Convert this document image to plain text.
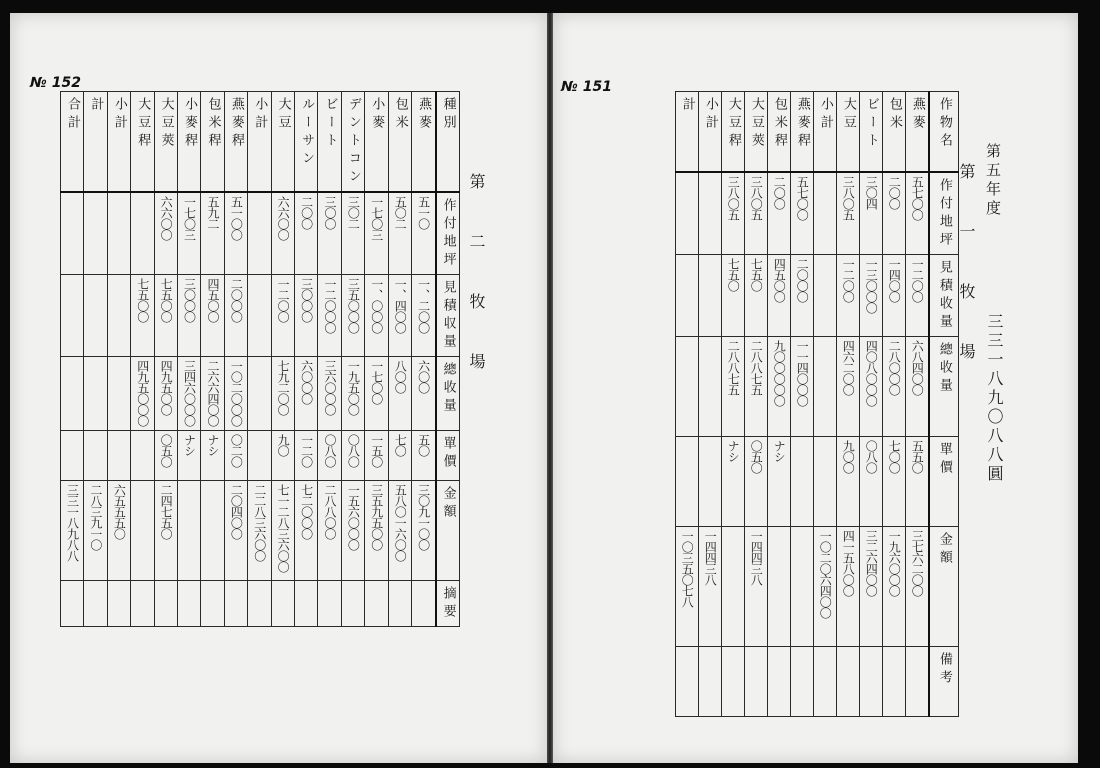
№ 152
合計	計	小計	大豆稈	大豆莢	小麥稈	包米稈	燕麥稈	小計	大豆	ルーサン	ビート	デントコン	小麥	包米	燕麥	種別
				六六〇〇	一七〇三	五九二	五一〇〇		六六〇〇	二〇〇	三〇〇	三〇二	一七〇三	五〇二	五一〇	作付地坪
			七五〇〇	七五〇〇	三〇〇〇	四五〇〇	二〇〇〇		一二〇〇	三〇〇〇	一二〇〇〇	三五〇〇〇	一、〇〇〇	一、四〇〇	一、二〇〇	見積収量
			四九五〇〇〇	四九五〇〇	三四六〇〇〇	二六六四〇〇	一〇二〇〇〇		七九二〇〇	六〇〇〇	三六〇〇〇	一九五〇〇	一七〇〇	八〇〇	六〇〇	總收量
				〇五〇	ナシ	ナシ	〇二〇		九〇	一二〇	〇八〇	〇八〇	一五〇	七〇	五〇	單價
三三一八九八八	二八三九一〇	六五五五〇		二四七五〇			二〇四〇〇	二二八三六〇〇	七一二八三六〇〇	七二〇〇〇	二八八〇〇	一五六〇〇〇	三五九五〇〇	五八〇一六〇〇	三〇九一〇〇	金額
																摘要
第　二　牧　場
№ 151
計	小計	大豆稈	大豆莢	包米稈	燕麥稈	小計	大豆	ビート	包米	燕麥	作物名
		三八〇五	三八〇五	二〇〇	五七〇〇		三八〇五	三〇四	二〇〇	五七〇〇	作付地坪
		七五〇	七五〇	四五〇〇	二〇〇〇		一二〇〇	一三〇〇〇	一四〇〇	一二〇〇	見積收量
		二八八七五	二八八七五	九〇〇〇〇〇	一一四〇〇〇		四六二〇〇	四〇八〇〇〇	二八〇〇〇	六八四〇〇	總收量
		ナシ	〇五〇	ナシ			九〇〇	〇八〇	七〇〇	五五〇	單價
一〇三五〇七八	一四四三八		一四四三八			一〇二〇六四〇〇	四一五八〇〇	三二六四〇〇	一九六〇〇〇	三七六二〇〇	金額
											備考
第五年度
第　一　牧　場
三三一八九〇八八圓
